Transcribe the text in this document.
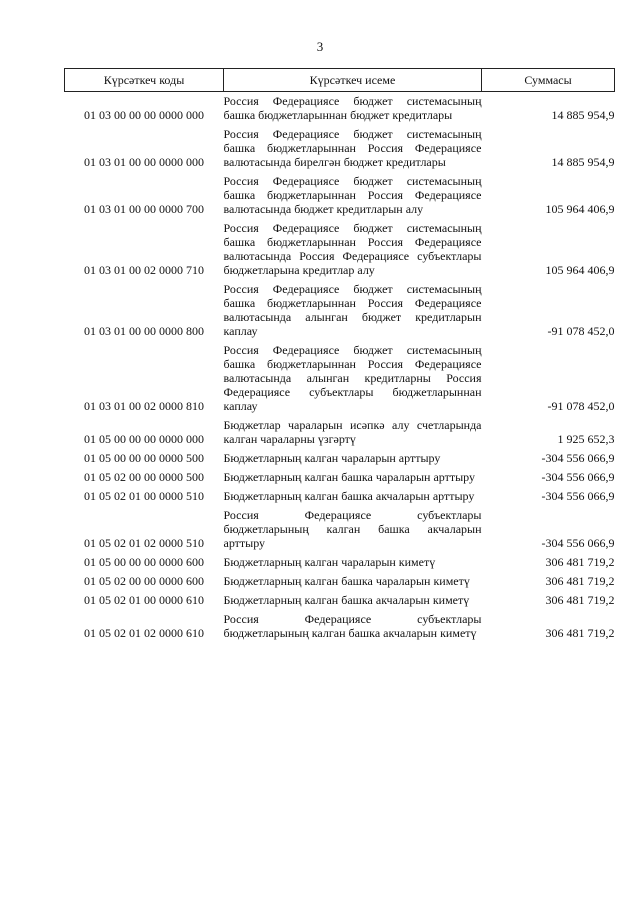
3
Күрсәткеч коды	Күрсәткеч исеме	Суммасы
01 03 00 00 00 0000 000	Россия Федерациясе бюджет системасының башка бюджетларыннан бюджет кредитлары	14 885 954,9
01 03 01 00 00 0000 000	Россия Федерациясе бюджет системасының башка бюджетларыннан Россия Федерациясе валютасында бирелгән бюджет кредитлары	14 885 954,9
01 03 01 00 00 0000 700	Россия Федерациясе бюджет системасының башка бюджетларыннан Россия Федерациясе валютасында бюджет кредитларын алу	105 964 406,9
01 03 01 00 02 0000 710	Россия Федерациясе бюджет системасының башка бюджетларыннан Россия Федерациясе валютасында Россия Федерациясе субъектлары бюджетларына кредитлар алу	105 964 406,9
01 03 01 00 00 0000 800	Россия Федерациясе бюджет системасының башка бюджетларыннан Россия Федерациясе валютасында алынган бюджет кредитларын каплау	-91 078 452,0
01 03 01 00 02 0000 810	Россия Федерациясе бюджет системасының башка бюджетларыннан Россия Федерациясе валютасында алынган кредитларны Россия Федерациясе субъектлары бюджетларыннан каплау	-91 078 452,0
01 05 00 00 00 0000 000	Бюджетлар чараларын исәпкә алу счетларында калган чараларны үзгәртү	1 925 652,3
01 05 00 00 00 0000 500	Бюджетларның калган чараларын арттыру	-304 556 066,9
01 05 02 00 00 0000 500	Бюджетларның калган башка чараларын арттыру	-304 556 066,9
01 05 02 01 00 0000 510	Бюджетларның калган башка акчаларын арттыру	-304 556 066,9
01 05 02 01 02 0000 510	Россия Федерациясе субъектлары бюджетларының калган башка акчаларын арттыру	-304 556 066,9
01 05 00 00 00 0000 600	Бюджетларның калган чараларын киметү	306 481 719,2
01 05 02 00 00 0000 600	Бюджетларның калган башка чараларын киметү	306 481 719,2
01 05 02 01 00 0000 610	Бюджетларның калган башка акчаларын киметү	306 481 719,2
01 05 02 01 02 0000 610	Россия Федерациясе субъектлары бюджетларының калган башка акчаларын киметү	306 481 719,2
